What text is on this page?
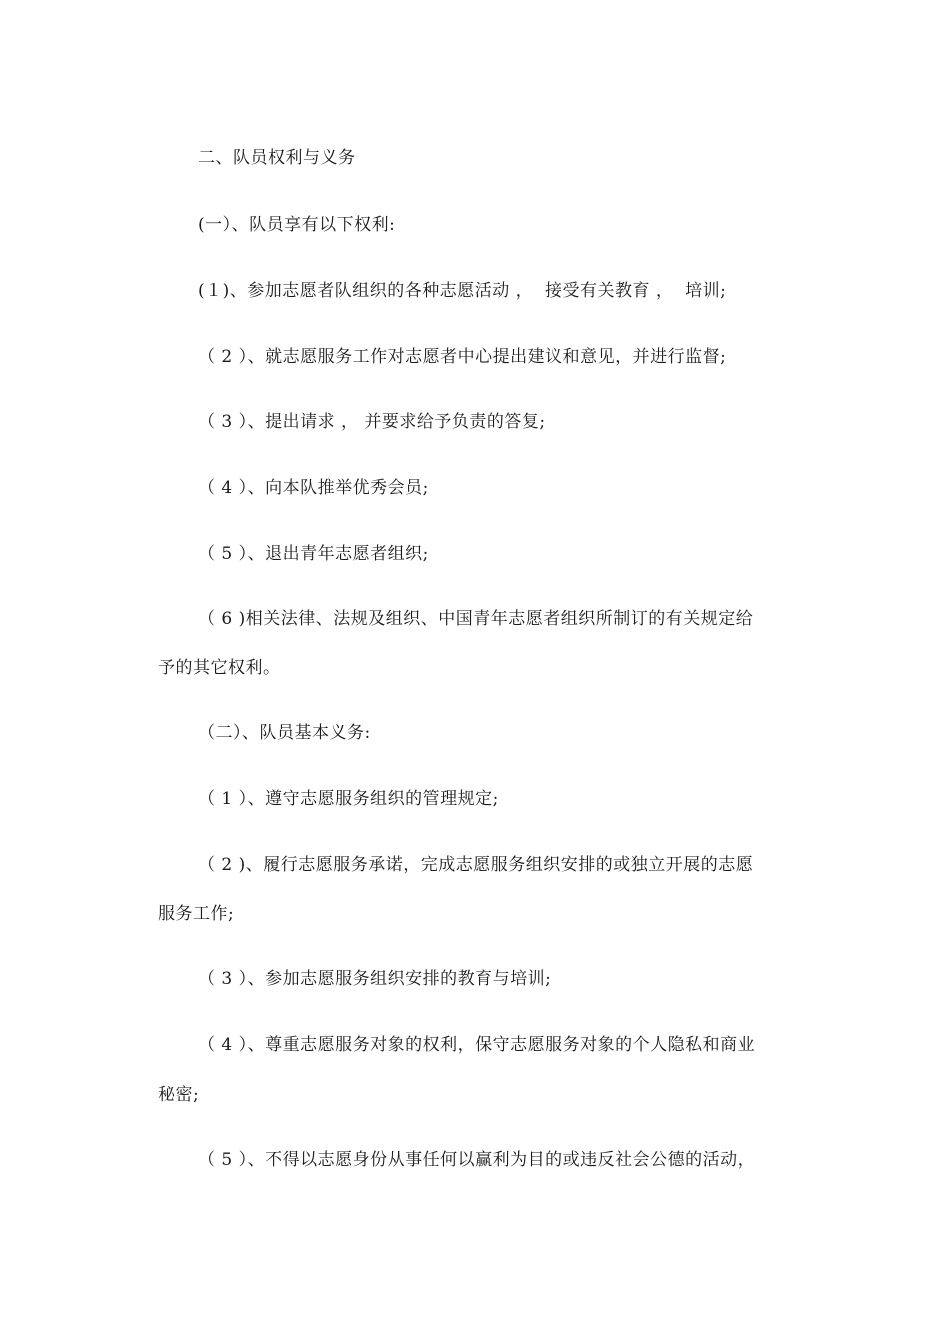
二、队员权利与义务
(一）、队员享有以下权利:
(１)、参加志愿者队组织的各种志愿活动 ，  接受有关教育 ，  培训;
（ 2 ）、就志愿服务工作对志愿者中心提出建议和意见，并进行监督;
（ 3 ）、提出请求 ， 并要求给予负责的答复;
（ 4 ）、向本队推举优秀会员;
（ 5 ）、退出青年志愿者组织;
（ 6 )相关法律、法规及组织、中国青年志愿者组织所制订的有关规定给
予的其它权利。
（二）、队员基本义务:
（ 1 ）、遵守志愿服务组织的管理规定;
（ 2 )、履行志愿服务承诺，完成志愿服务组织安排的或独立开展的志愿
服务工作;
（ 3 ）、参加志愿服务组织安排的教育与培训;
（ 4 ）、尊重志愿服务对象的权利，保守志愿服务对象的个人隐私和商业
秘密;
（ 5 ）、不得以志愿身份从事任何以赢利为目的或违反社会公德的活动，
